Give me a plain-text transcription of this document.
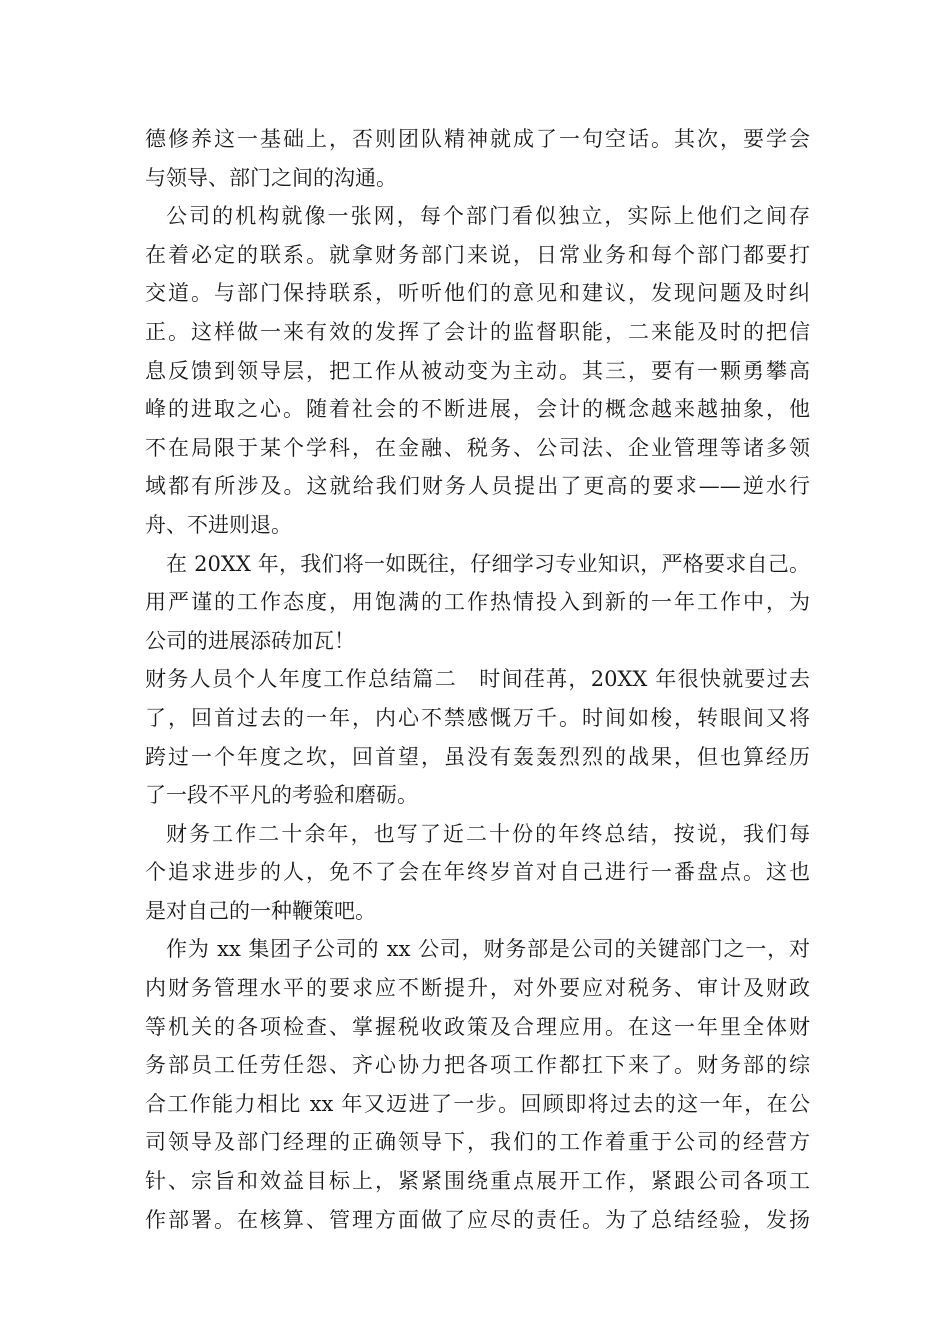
德修养这一基础上，否则团队精神就成了一句空话。其次，要学会
与领导、部门之间的沟通。
公司的机构就像一张网，每个部门看似独立，实际上他们之间存
在着必定的联系。就拿财务部门来说，日常业务和每个部门都要打
交道。与部门保持联系，听听他们的意见和建议，发现问题及时纠
正。这样做一来有效的发挥了会计的监督职能，二来能及时的把信
息反馈到领导层，把工作从被动变为主动。其三，要有一颗勇攀高
峰的进取之心。随着社会的不断进展，会计的概念越来越抽象，他
不在局限于某个学科，在金融、税务、公司法、企业管理等诸多领
域都有所涉及。这就给我们财务人员提出了更高的要求——逆水行
舟、不进则退。
在 20XX 年，我们将一如既往，仔细学习专业知识，严格要求自己。
用严谨的工作态度，用饱满的工作热情投入到新的一年工作中，为
公司的进展添砖加瓦！
财务人员个人年度工作总结篇二　时间荏苒，20XX 年很快就要过去
了，回首过去的一年，内心不禁感慨万千。时间如梭，转眼间又将
跨过一个年度之坎，回首望，虽没有轰轰烈烈的战果，但也算经历
了一段不平凡的考验和磨砺。
财务工作二十余年，也写了近二十份的年终总结，按说，我们每
个追求进步的人，免不了会在年终岁首对自己进行一番盘点。这也
是对自己的一种鞭策吧。
作为 xx 集团子公司的 xx 公司，财务部是公司的关键部门之一，对
内财务管理水平的要求应不断提升，对外要应对税务、审计及财政
等机关的各项检查、掌握税收政策及合理应用。在这一年里全体财
务部员工任劳任怨、齐心协力把各项工作都扛下来了。财务部的综
合工作能力相比 xx 年又迈进了一步。回顾即将过去的这一年，在公
司领导及部门经理的正确领导下，我们的工作着重于公司的经营方
针、宗旨和效益目标上，紧紧围绕重点展开工作，紧跟公司各项工
作部署。在核算、管理方面做了应尽的责任。为了总结经验，发扬
